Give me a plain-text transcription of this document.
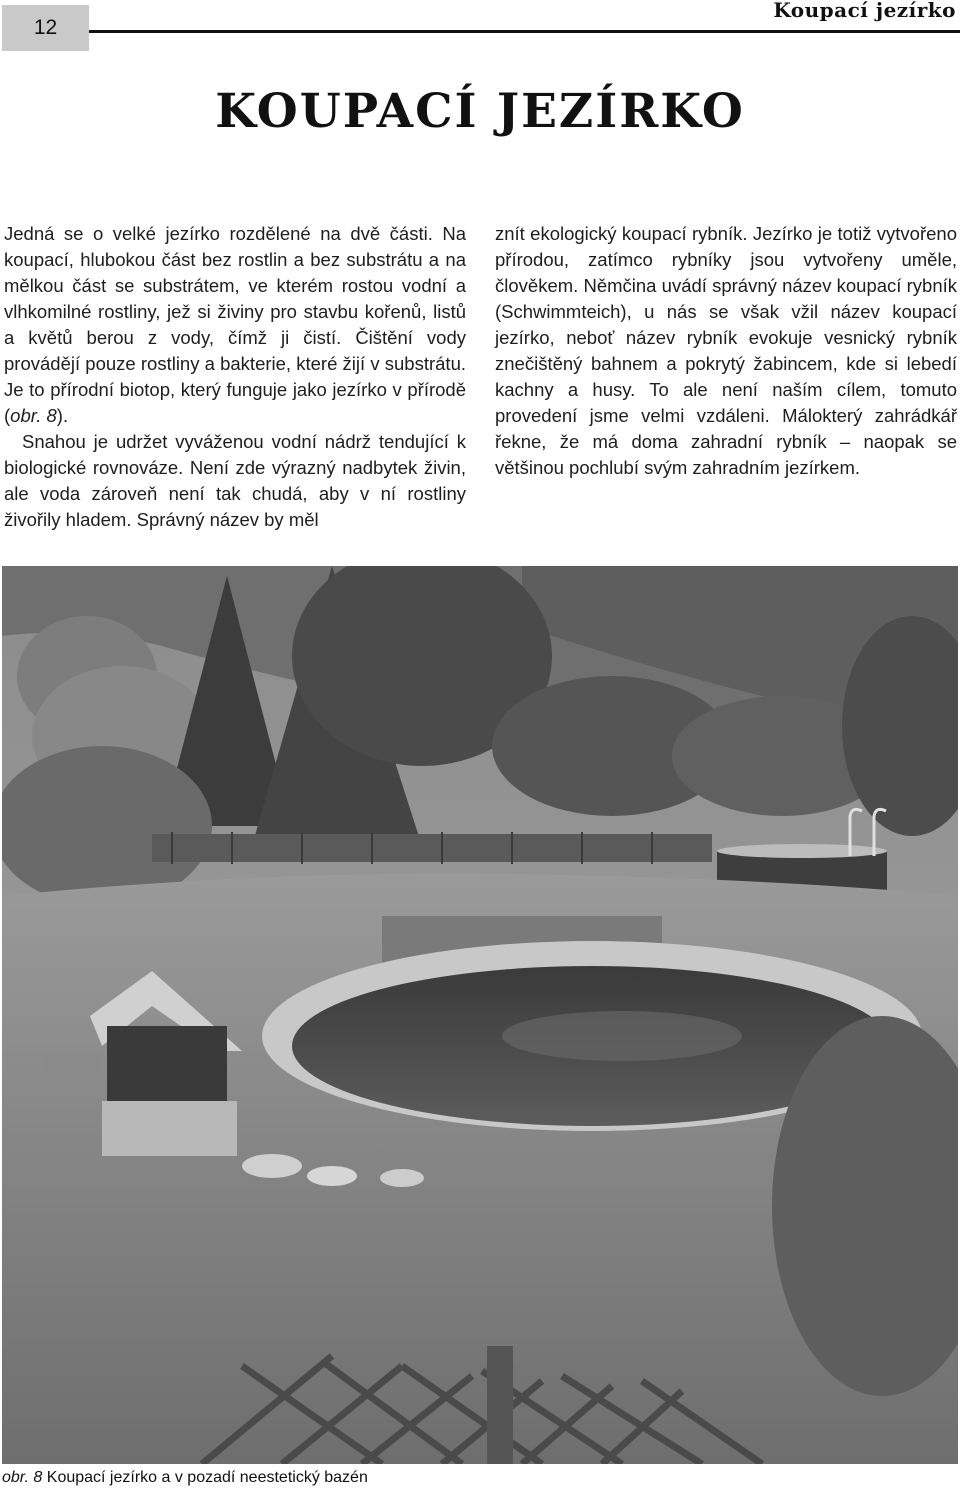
12
Koupací jezírko
KOUPACÍ JEZÍRKO

Jedná se o velké jezírko rozdělené na dvě části. Na koupací, hlubokou část bez rostlin a bez substrátu a na mělkou část se substrátem, ve kterém rostou vodní a vlhkomilné rostliny, jež si živiny pro stavbu kořenů, listů a květů berou z vody, čímž ji čistí. Čištění vody provádějí pouze rostliny a bakterie, které žijí v substrátu. Je to přírodní biotop, který funguje jako jezírko v přírodě (obr. 8).

Snahou je udržet vyváženou vodní nádrž tendující k biologické rovnováze. Není zde výrazný nadbytek živin, ale voda zároveň není tak chudá, aby v ní rostliny živořily hladem. Správný název by měl

znít ekologický koupací rybník. Jezírko je totiž vytvořeno přírodou, zatímco rybníky jsou vytvořeny uměle, člověkem. Němčina uvádí správný název koupací rybník (Schwimmteich), u nás se však vžil název koupací jezírko, neboť název rybník evokuje vesnický rybník znečištěný bahnem a pokrytý žabincem, kde si lebedí kachny a husy. To ale není naším cílem, tomuto provedení jsme velmi vzdáleni. Málokterý zahrádkář řekne, že má doma zahradní rybník – naopak se většinou pochlubí svým zahradním jezírkem.

obr. 8 Koupací jezírko a v pozadí neestetický bazén
